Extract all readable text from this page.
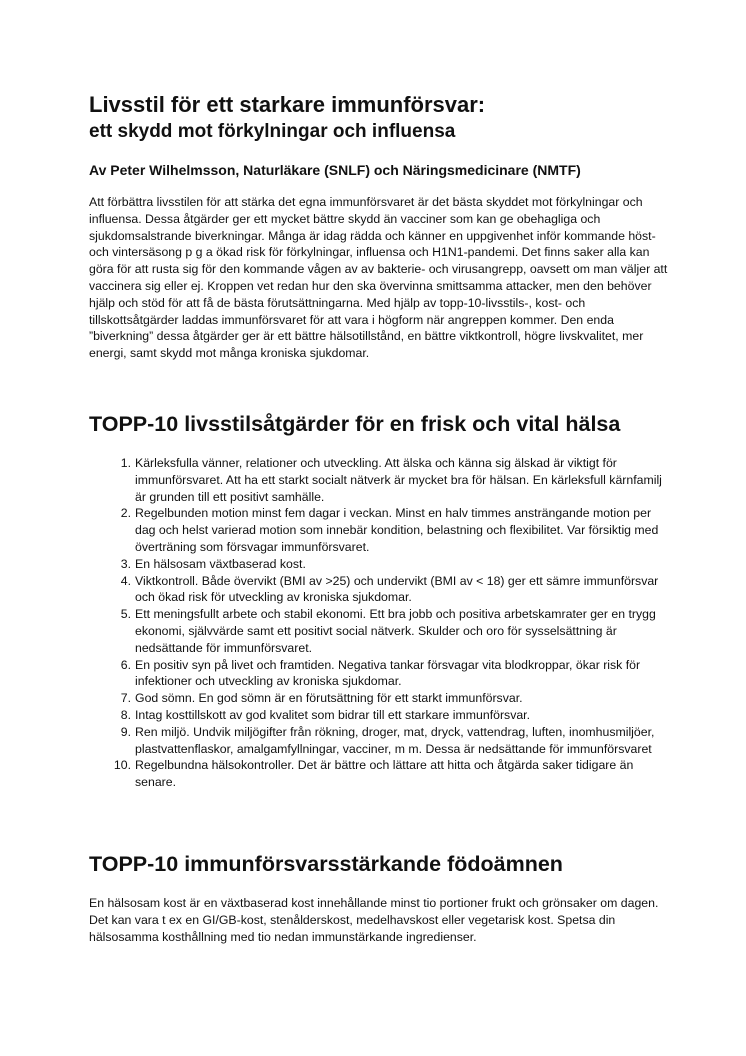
Livsstil för ett starkare immunförsvar:
ett skydd mot förkylningar och influensa

Av Peter Wilhelmsson, Naturläkare (SNLF) och Näringsmedicinare (NMTF)

Att förbättra livsstilen för att stärka det egna immunförsvaret är det bästa skyddet mot förkylningar och influensa. Dessa åtgärder ger ett mycket bättre skydd än vacciner som kan ge obehagliga och sjukdomsalstrande biverkningar. Många är idag rädda och känner en uppgivenhet inför kommande höst- och vintersäsong p g a ökad risk för förkylningar, influensa och H1N1-pandemi. Det finns saker alla kan göra för att rusta sig för den kommande vågen av av bakterie- och virusangrepp, oavsett om man väljer att vaccinera sig eller ej. Kroppen vet redan hur den ska övervinna smittsamma attacker, men den behöver hjälp och stöd för att få de bästa förutsättningarna. Med hjälp av topp-10-livsstils-, kost- och tillskottsåtgärder laddas immunförsvaret för att vara i högform när angreppen kommer. Den enda ”biverkning” dessa åtgärder ger är ett bättre hälsotillstånd, en bättre viktkontroll, högre livskvalitet, mer energi, samt skydd mot många kroniska sjukdomar.

TOPP-10 livsstilsåtgärder för en frisk och vital hälsa
1. Kärleksfulla vänner, relationer och utveckling. Att älska och känna sig älskad är viktigt för immunförsvaret. Att ha ett starkt socialt nätverk är mycket bra för hälsan. En kärleksfull kärnfamilj är grunden till ett positivt samhälle.
2. Regelbunden motion minst fem dagar i veckan. Minst en halv timmes ansträngande motion per dag och helst varierad motion som innebär kondition, belastning och flexibilitet. Var försiktig med överträning som försvagar immunförsvaret.
3. En hälsosam växtbaserad kost.
4. Viktkontroll. Både övervikt (BMI av >25) och undervikt (BMI av < 18) ger ett sämre immunförsvar och ökad risk för utveckling av kroniska sjukdomar.
5. Ett meningsfullt arbete och stabil ekonomi. Ett bra jobb och positiva arbetskamrater ger en trygg ekonomi, självvärde samt ett positivt social nätverk. Skulder och oro för sysselsättning är nedsättande för immunförsvaret.
6. En positiv syn på livet och framtiden. Negativa tankar försvagar vita blodkroppar, ökar risk för infektioner och utveckling av kroniska sjukdomar.
7. God sömn. En god sömn är en förutsättning för ett starkt immunförsvar.
8. Intag kosttillskott av god kvalitet som bidrar till ett starkare immunförsvar.
9. Ren miljö. Undvik miljögifter från rökning, droger, mat, dryck, vattendrag, luften, inomhusmiljöer, plastvattenflaskor, amalgamfyllningar, vacciner, m m. Dessa är nedsättande för immunförsvaret
10. Regelbundna hälsokontroller. Det är bättre och lättare att hitta och åtgärda saker tidigare än senare.
TOPP-10 immunförsvarsstärkande födoämnen

En hälsosam kost är en växtbaserad kost innehållande minst tio portioner frukt och grönsaker om dagen. Det kan vara t ex en GI/GB-kost, stenålderskost, medelhavskost eller vegetarisk kost. Spetsa din hälsosamma kosthållning med tio nedan immunstärkande ingredienser.
